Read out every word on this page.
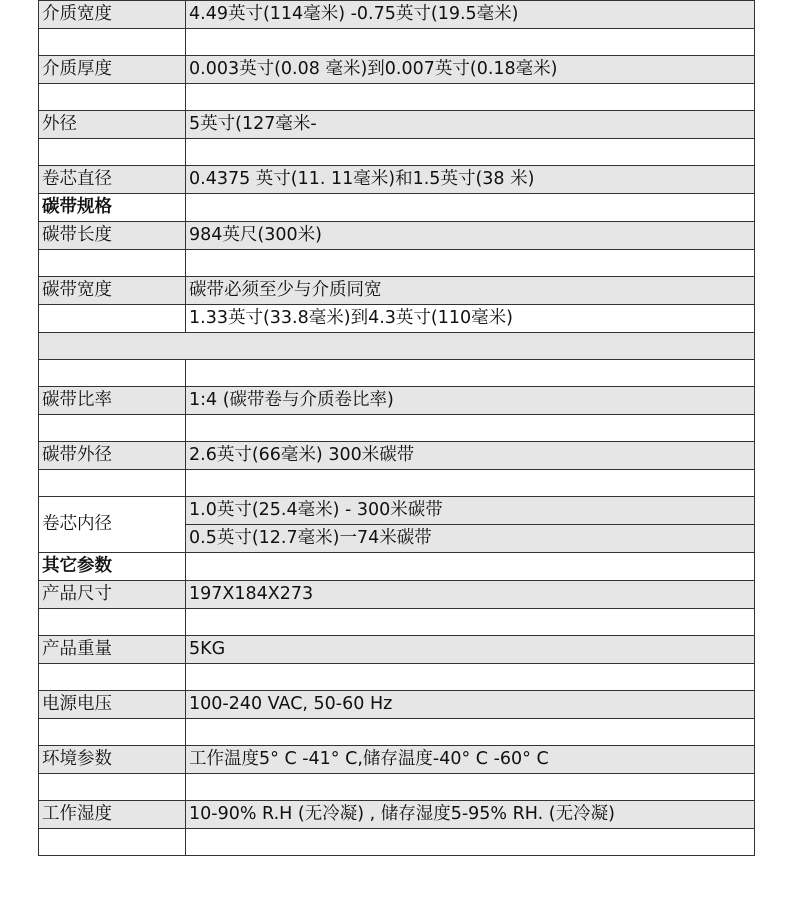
介质宽度	4.49英寸(114毫米) -0.75英寸(19.5毫米)

介质厚度	0.003英寸(0.08 毫米)到0.007英寸(0.18毫米)

外径	5英寸(127毫米-

卷芯直径	0.4375 英寸(11. 11毫米)和1.5英寸(38 米)
碳带规格	
碳带长度	984英尺(300米)

碳带宽度	碳带必须至少与介质同宽
	1.33英寸(33.8毫米)到4.3英寸(110毫米)

碳带比率	1:4 (碳带卷与介质卷比率)

碳带外径	2.6英寸(66毫米) 300米碳带

卷芯内径	1.0英寸(25.4毫米) - 300米碳带
	0.5英寸(12.7毫米)一74米碳带
其它参数	
产品尺寸	197X184X273

产品重量	5KG

电源电压	100-240 VAC, 50-60 Hz

环境参数	工作温度5° C -41° C,储存温度-40° C -60° C

工作湿度	10-90% R.H (无冷凝) , 储存湿度5-95% RH. (无冷凝)
